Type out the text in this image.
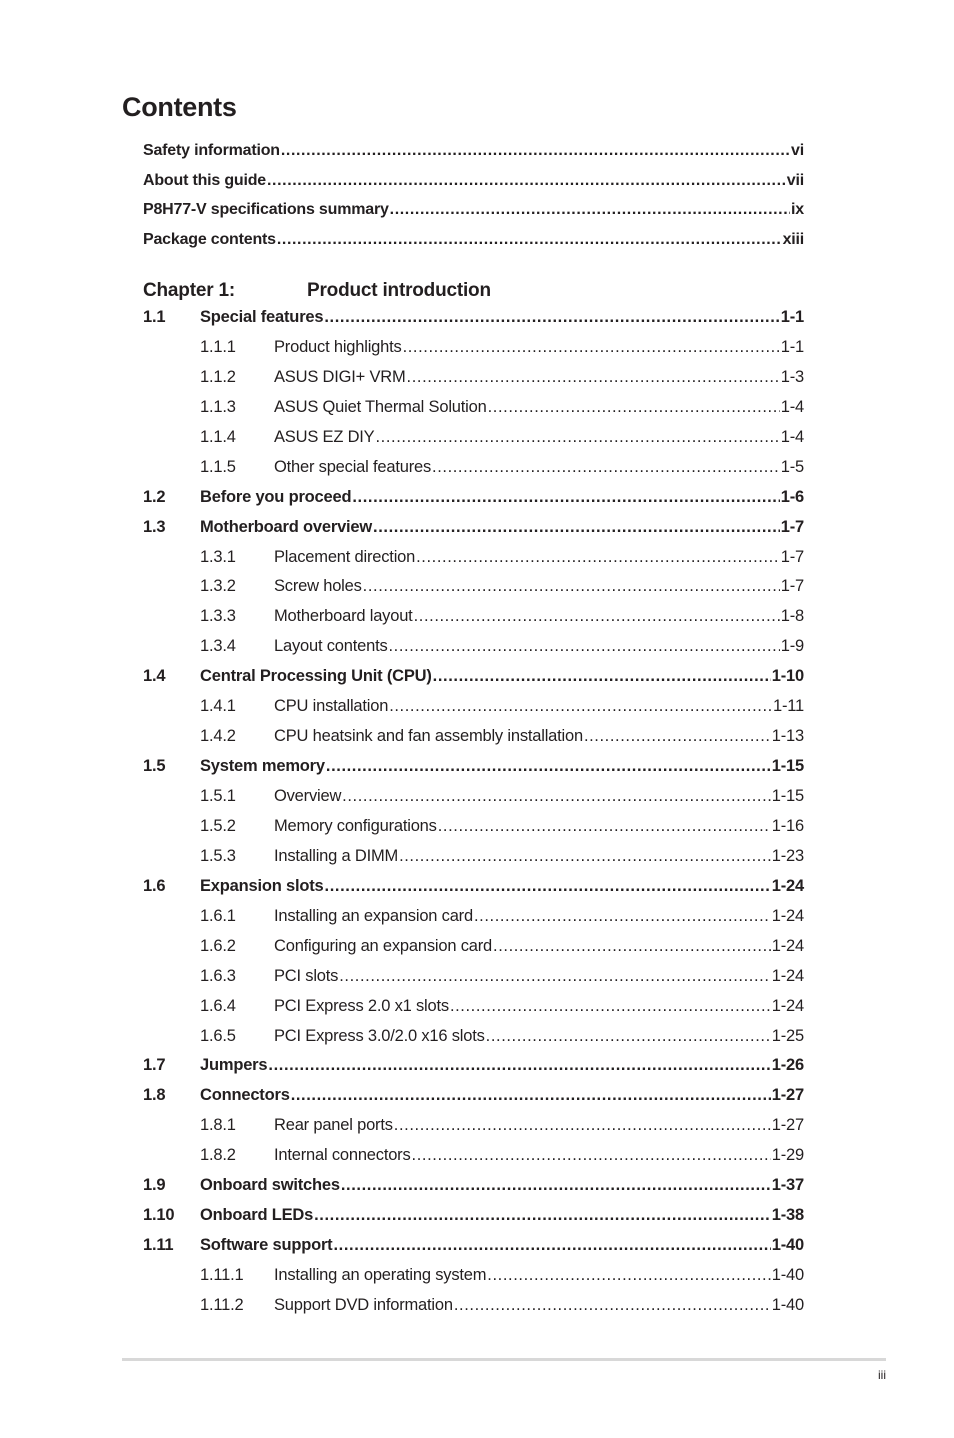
Contents
Safety information .....	vi
About this guide .....	vii
P8H77-V specifications summary .....	ix
Package contents .....	xiii
Chapter 1:	Product introduction
1.1	Special features .....	1-1
1.1.1	Product highlights .....	1-1
1.1.2	ASUS DIGI+ VRM .....	1-3
1.1.3	ASUS Quiet Thermal Solution .....	1-4
1.1.4	ASUS EZ DIY .....	1-4
1.1.5	Other special features .....	1-5
1.2	Before you proceed .....	1-6
1.3	Motherboard overview .....	1-7
1.3.1	Placement direction .....	1-7
1.3.2	Screw holes .....	1-7
1.3.3	Motherboard layout .....	1-8
1.3.4	Layout contents .....	1-9
1.4	Central Processing Unit (CPU) .....	1-10
1.4.1	CPU installation .....	1-11
1.4.2	CPU heatsink and fan assembly installation .....	1-13
1.5	System memory .....	1-15
1.5.1	Overview .....	1-15
1.5.2	Memory configurations .....	1-16
1.5.3	Installing a DIMM .....	1-23
1.6	Expansion slots .....	1-24
1.6.1	Installing an expansion card .....	1-24
1.6.2	Configuring an expansion card .....	1-24
1.6.3	PCI slots .....	1-24
1.6.4	PCI Express 2.0 x1 slots .....	1-24
1.6.5	PCI Express 3.0/2.0 x16 slots .....	1-25
1.7	Jumpers .....	1-26
1.8	Connectors .....	1-27
1.8.1	Rear panel ports .....	1-27
1.8.2	Internal connectors .....	1-29
1.9	Onboard switches .....	1-37
1.10	Onboard LEDs .....	1-38
1.11	Software support .....	1-40
1.11.1	Installing an operating system .....	1-40
1.11.2	Support DVD information .....	1-40
iii
